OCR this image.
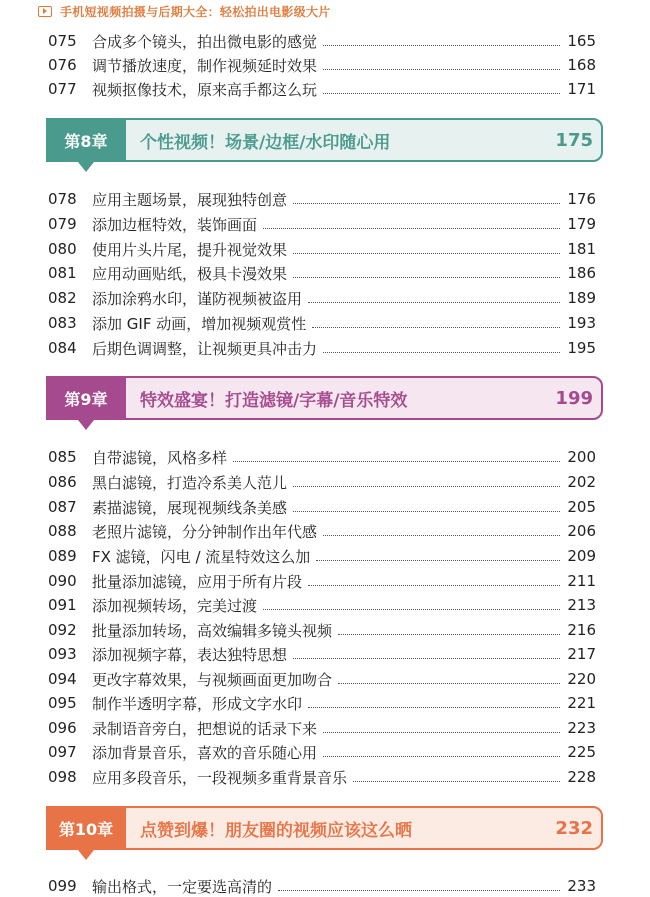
手机短视频拍摄与后期大全：轻松拍出电影级大片
075	合成多个镜头，拍出微电影的感觉	165
076	调节播放速度，制作视频延时效果	168
077	视频抠像技术，原来高手都这么玩	171
第8章	个性视频！场景/边框/水印随心用	175
078	应用主题场景，展现独特创意	176
079	添加边框特效，装饰画面	179
080	使用片头片尾，提升视觉效果	181
081	应用动画贴纸，极具卡漫效果	186
082	添加涂鸦水印，谨防视频被盗用	189
083	添加 GIF 动画，增加视频观赏性	193
084	后期色调调整，让视频更具冲击力	195
第9章	特效盛宴！打造滤镜/字幕/音乐特效	199
085	自带滤镜，风格多样	200
086	黑白滤镜，打造冷系美人范儿	202
087	素描滤镜，展现视频线条美感	205
088	老照片滤镜，分分钟制作出年代感	206
089	FX 滤镜，闪电 / 流星特效这么加	209
090	批量添加滤镜，应用于所有片段	211
091	添加视频转场，完美过渡	213
092	批量添加转场，高效编辑多镜头视频	216
093	添加视频字幕，表达独特思想	217
094	更改字幕效果，与视频画面更加吻合	220
095	制作半透明字幕，形成文字水印	221
096	录制语音旁白，把想说的话录下来	223
097	添加背景音乐，喜欢的音乐随心用	225
098	应用多段音乐，一段视频多重背景音乐	228
第10章	点赞到爆！朋友圈的视频应该这么晒	232
099	输出格式，一定要选高清的	233
